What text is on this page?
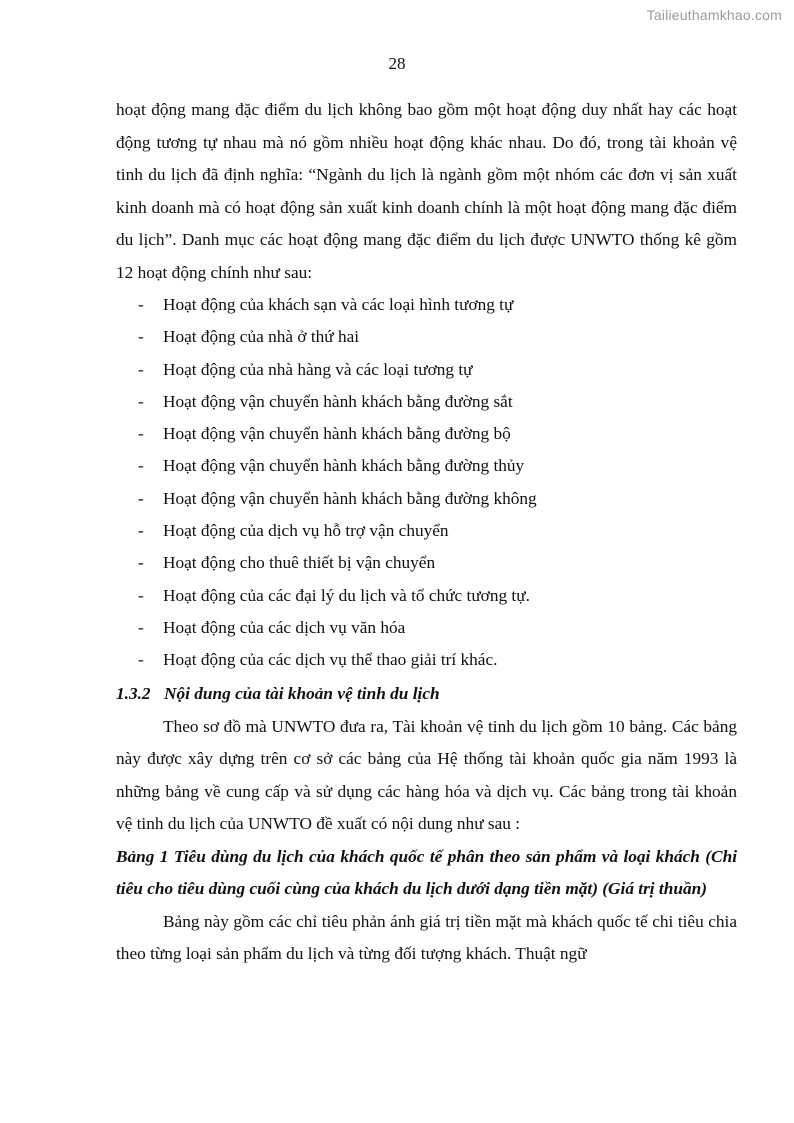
Tailieuthamkhao.com
28

hoạt động mang đặc điểm du lịch không bao gồm một hoạt động duy nhất hay các hoạt động tương tự nhau mà nó gồm nhiều hoạt động khác nhau. Do đó, trong tài khoản vệ tinh du lịch đã định nghĩa: “Ngành du lịch là ngành gồm một nhóm các đơn vị sản xuất kinh doanh mà có hoạt động sản xuất kinh doanh chính là một hoạt động mang đặc điểm du lịch”. Danh mục các hoạt động mang đặc điểm du lịch được UNWTO thống kê gồm 12 hoạt động chính như sau:

- Hoạt động của khách sạn và các loại hình tương tự
- Hoạt động của nhà ở thứ hai
- Hoạt động của nhà hàng và các loại tương tự
- Hoạt động vận chuyển hành khách bằng đường sắt
- Hoạt động vận chuyển hành khách bằng đường bộ
- Hoạt động vận chuyển hành khách bằng đường thủy
- Hoạt động vận chuyển hành khách bằng đường không
- Hoạt động của dịch vụ hỗ trợ vận chuyển
- Hoạt động cho thuê thiết bị vận chuyển
- Hoạt động của các đại lý du lịch và tổ chức tương tự.
- Hoạt động của các dịch vụ văn hóa
- Hoạt động của các dịch vụ thể thao giải trí khác.

1.3.2 Nội dung của tài khoản vệ tinh du lịch

Theo sơ đồ mà UNWTO đưa ra, Tài khoản vệ tinh du lịch gồm 10 bảng. Các bảng này được xây dựng trên cơ sở các bảng của Hệ thống tài khoản quốc gia năm 1993 là những bảng về cung cấp và sử dụng các hàng hóa và dịch vụ. Các bảng trong tài khoản vệ tinh du lịch của UNWTO đề xuất có nội dung như sau :

Bảng 1 Tiêu dùng du lịch của khách quốc tế phân theo sản phẩm và loại khách (Chi tiêu cho tiêu dùng cuối cùng của khách du lịch dưới dạng tiền mặt) (Giá trị thuần)

Bảng này gồm các chỉ tiêu phản ánh giá trị tiền mặt mà khách quốc tế chi tiêu chia theo từng loại sản phẩm du lịch và từng đối tượng khách. Thuật ngữ
